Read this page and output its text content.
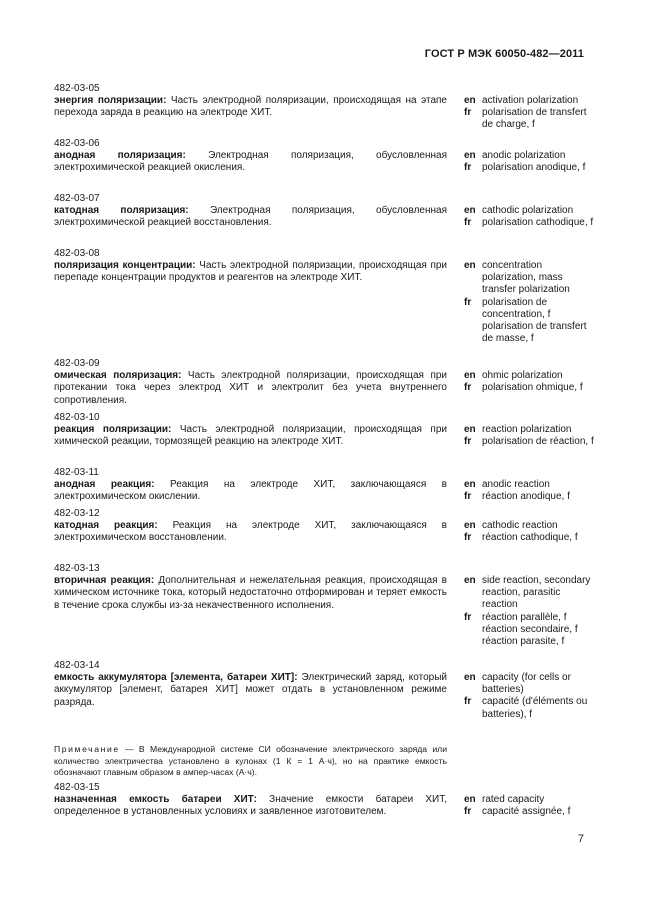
ГОСТ Р МЭК 60050-482—2011
482-03-05
энергия поляризации: Часть электродной поляризации, происходящая на этапе перехода заряда в реакцию на электроде ХИТ.
en activation polarization
fr	polarisation de transfert de charge, f
482-03-06
анодная поляризация: Электродная поляризация, обусловленная электрохимической реакцией окисления.
en anodic polarization
fr	polarisation anodique, f
482-03-07
катодная поляризация: Электродная поляризация, обусловленная электрохимической реакцией восстановления.
en cathodic polarization
fr	polarisation cathodique, f
482-03-08
поляризация концентрации: Часть электродной поляризации, происходящая при перепаде концентрации продуктов и реагентов на электроде ХИТ.
en concentration polarization, mass transfer polarization
fr	polarisation de concentration, f polarisation de transfert de masse, f
482-03-09
омическая поляризация: Часть электродной поляризации, происходящая при протекании тока через электрод ХИТ и электролит без учета внутреннего сопротивления.
en ohmic polarization
fr	polarisation ohmique, f
482-03-10
реакция поляризации: Часть электродной поляризации, происходящая при химической реакции, тормозящей реакцию на электроде ХИТ.
en reaction polarization
fr	polarisation de réaction, f
482-03-11
анодная реакция: Реакция на электроде ХИТ, заключающаяся в электрохимическом окислении.
en anodic reaction
fr	réaction anodique, f
482-03-12
катодная реакция: Реакция на электроде ХИТ, заключающаяся в электрохимическом восстановлении.
en cathodic reaction
fr	réaction cathodique, f
482-03-13
вторичная реакция: Дополнительная и нежелательная реакция, происходящая в химическом источнике тока, который недостаточно отформирован и теряет емкость в течение срока службы из-за некачественного исполнения.
en side reaction, secondary reaction, parasitic reaction
fr	réaction parallèle, f réaction secondaire, f réaction parasite, f
482-03-14
емкость аккумулятора [элемента, батареи ХИТ]: Электрический заряд, который аккумулятор [элемент, батарея ХИТ] может отдать в установленном режиме разряда.
en capacity (for cells or batteries)
fr	capacité (d'éléments ou batteries), f
Примечание — В Международной системе СИ обозначение электрического заряда или количество электричества установлено в кулонах (1 К = 1 А·ч), но на практике емкость обозначают главным образом в ампер-часах (А·ч).
482-03-15
назначенная емкость батареи ХИТ: Значение емкости батареи ХИТ, определенное в установленных условиях и заявленное изготовителем.
en rated capacity
fr	capacité assignée, f
7
